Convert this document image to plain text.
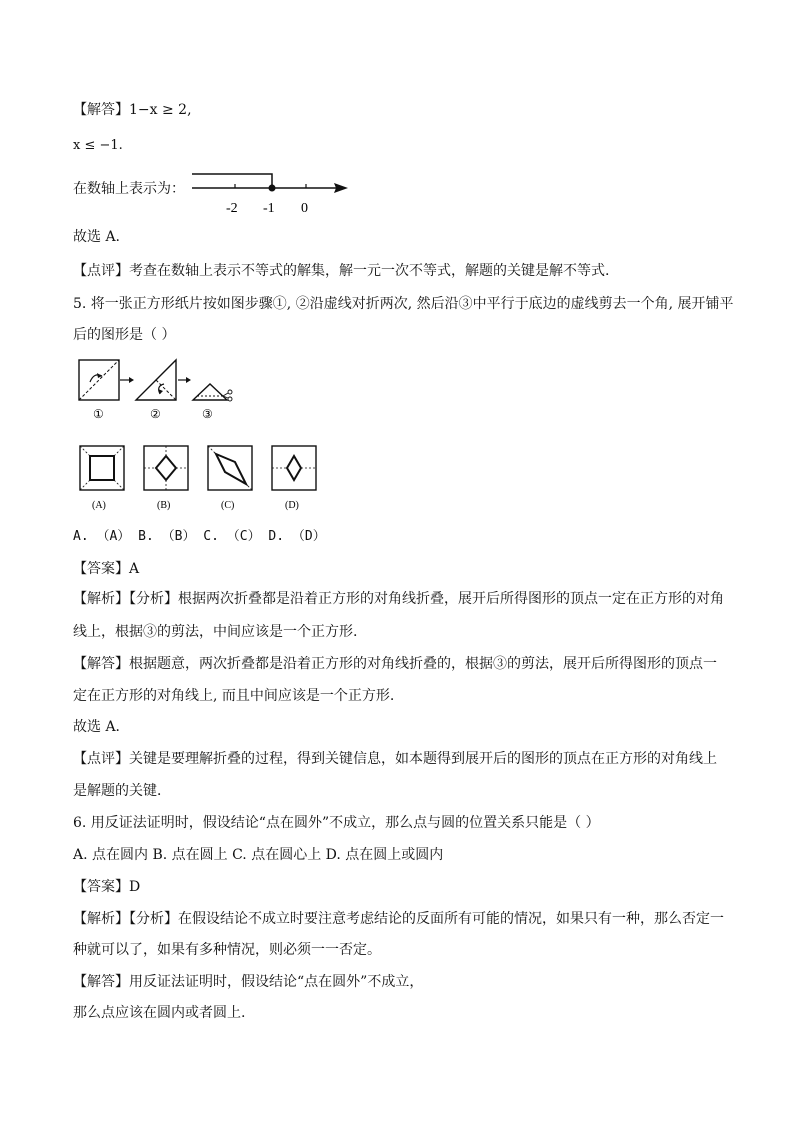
【解答】1−x ≥ 2,
x ≤ −1.
在数轴上表示为：
-2 -1 0
故选 A.
【点评】考查在数轴上表示不等式的解集，解一元一次不等式，解题的关键是解不等式.
5. 将一张正方形纸片按如图步骤①, ②沿虚线对折两次, 然后沿③中平行于底边的虚线剪去一个角, 展开铺平
后的图形是（ ）
①	②	③
(A)	(B)	(C)	(D)
A. （A） B. （B） C. （C） D. （D）
【答案】A
【解析】【分析】根据两次折叠都是沿着正方形的对角线折叠，展开后所得图形的顶点一定在正方形的对角
线上，根据③的剪法，中间应该是一个正方形.
【解答】根据题意，两次折叠都是沿着正方形的对角线折叠的，根据③的剪法，展开后所得图形的顶点一
定在正方形的对角线上, 而且中间应该是一个正方形.
故选 A．
【点评】关键是要理解折叠的过程，得到关键信息，如本题得到展开后的图形的顶点在正方形的对角线上
是解题的关键．
6. 用反证法证明时，假设结论“点在圆外”不成立，那么点与圆的位置关系只能是（ ）
A. 点在圆内 B. 点在圆上 C. 点在圆心上 D. 点在圆上或圆内
【答案】D
【解析】【分析】在假设结论不成立时要注意考虑结论的反面所有可能的情况，如果只有一种，那么否定一
种就可以了，如果有多种情况，则必须一一否定。
【解答】用反证法证明时，假设结论“点在圆外”不成立，
那么点应该在圆内或者圆上.
